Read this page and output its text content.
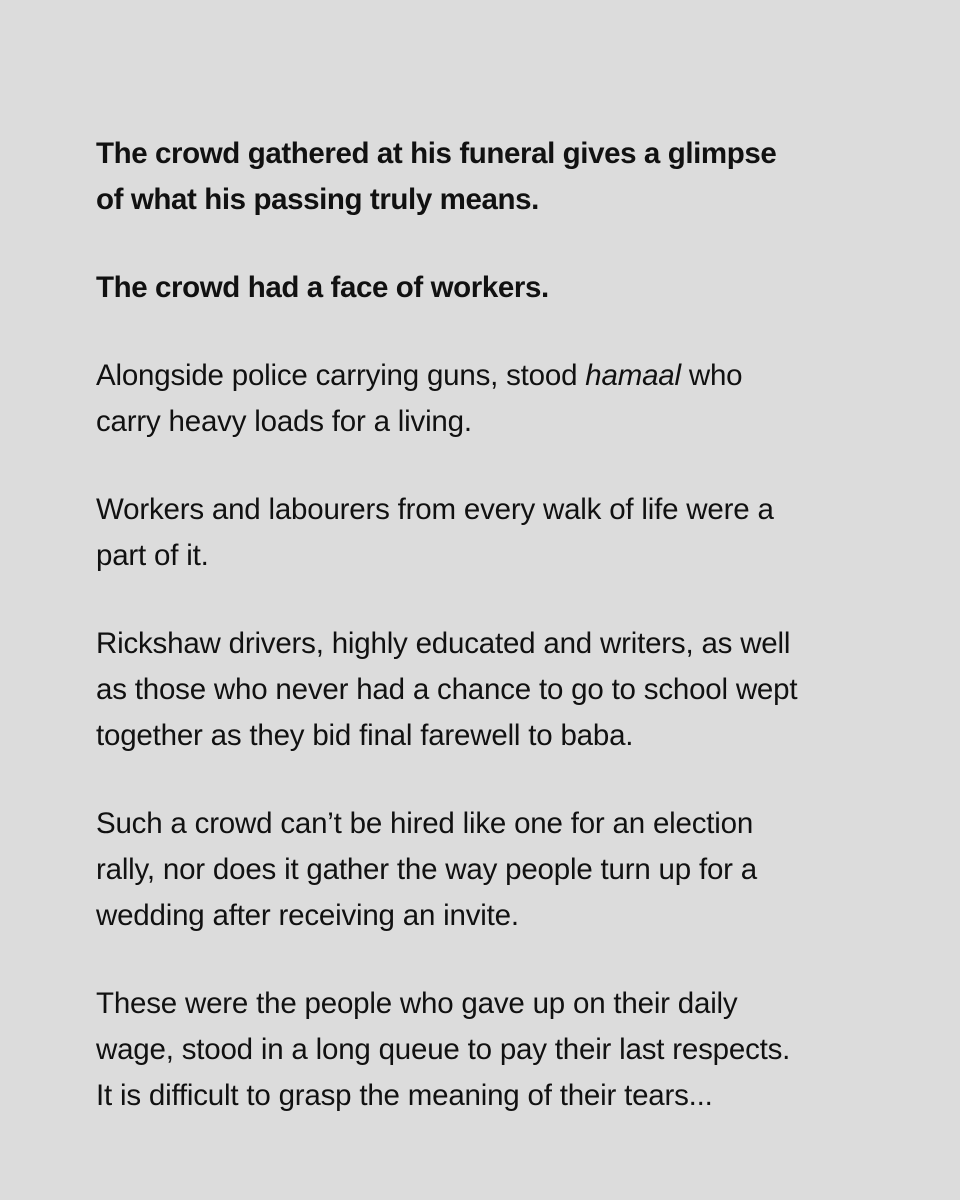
The crowd gathered at his funeral gives a glimpse
of what his passing truly means.

The crowd had a face of workers.

Alongside police carrying guns, stood hamaal who
carry heavy loads for a living.

Workers and labourers from every walk of life were a
part of it.

Rickshaw drivers, highly educated and writers, as well
as those who never had a chance to go to school wept
together as they bid final farewell to baba.

Such a crowd can’t be hired like one for an election
rally, nor does it gather the way people turn up for a
wedding after receiving an invite.

These were the people who gave up on their daily
wage, stood in a long queue to pay their last respects.
It is difficult to grasp the meaning of their tears...
